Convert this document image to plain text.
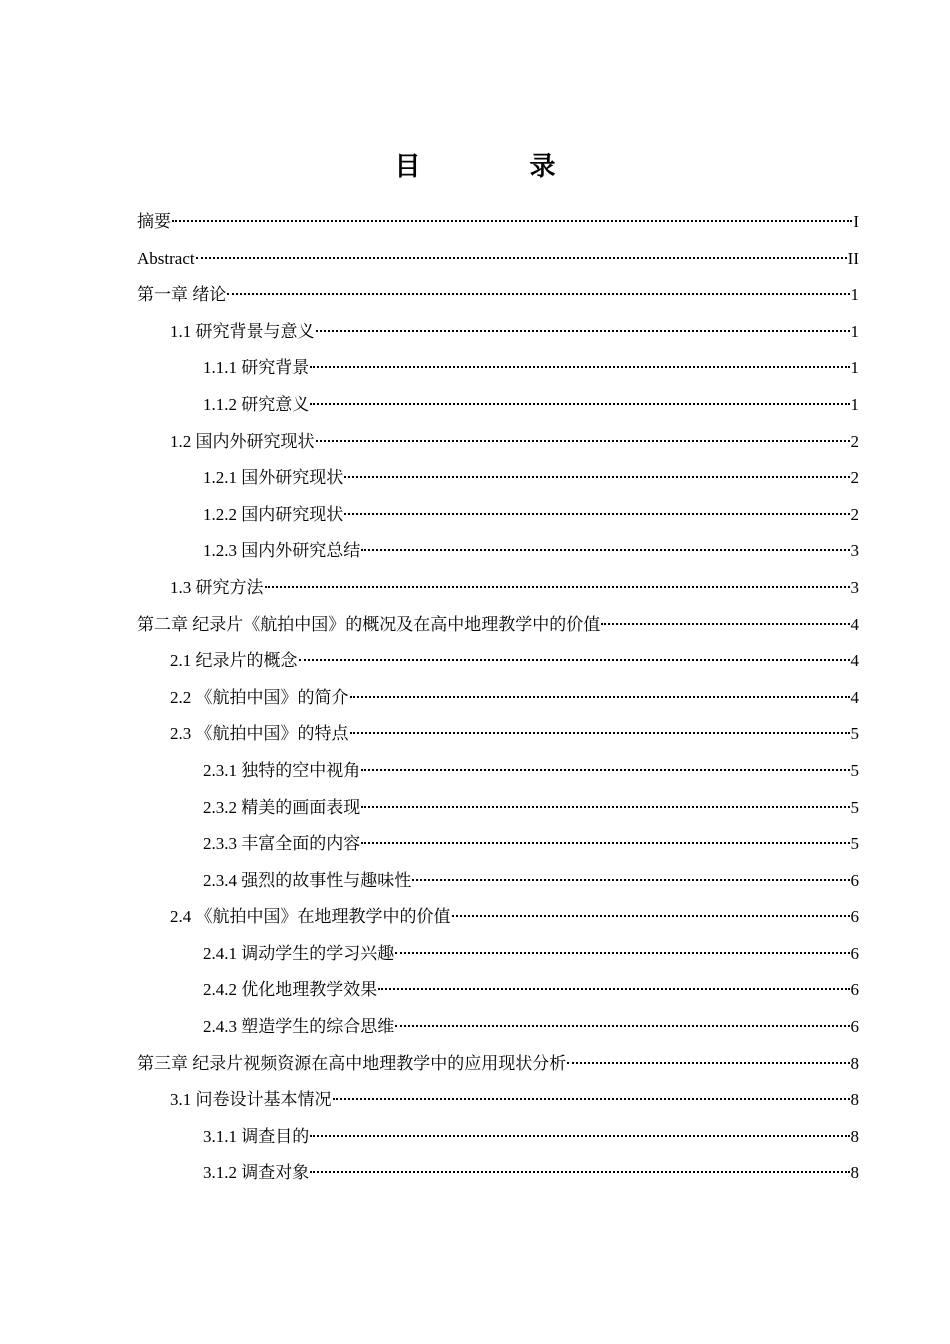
目 录
摘要	I
Abstract	II
第一章 绪论	1
1.1 研究背景与意义	1
1.1.1 研究背景	1
1.1.2 研究意义	1
1.2 国内外研究现状	2
1.2.1 国外研究现状	2
1.2.2 国内研究现状	2
1.2.3 国内外研究总结	3
1.3 研究方法	3
第二章 纪录片《航拍中国》的概况及在高中地理教学中的价值	4
2.1 纪录片的概念	4
2.2 《航拍中国》的简介	4
2.3 《航拍中国》的特点	5
2.3.1 独特的空中视角	5
2.3.2 精美的画面表现	5
2.3.3 丰富全面的内容	5
2.3.4 强烈的故事性与趣味性	6
2.4 《航拍中国》在地理教学中的价值	6
2.4.1 调动学生的学习兴趣	6
2.4.2 优化地理教学效果	6
2.4.3 塑造学生的综合思维	6
第三章 纪录片视频资源在高中地理教学中的应用现状分析	8
3.1 问卷设计基本情况	8
3.1.1 调查目的	8
3.1.2 调查对象	8
